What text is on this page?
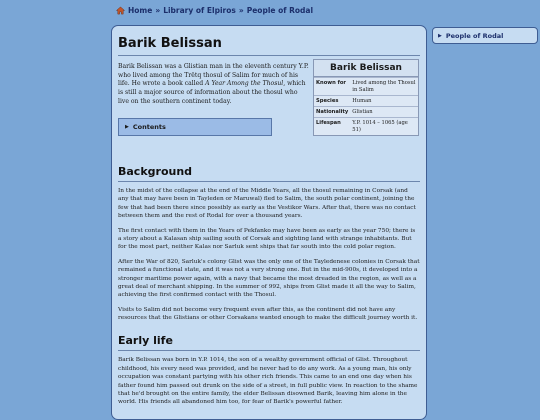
Home » Library of Elpiros » People of Rodal
▶ People of Rodal
Barik Belissan

Barik Belissan was a Glistian man in the eleventh century Y.P. who lived among the Trëtq thosul of Salim for much of his life. He wrote a book called A Year Among the Thosul, which is still a major source of information about the thosul who live on the southern continent today.

Barik Belissan
Known for	Lived among the Thosul in Salim
Species	Human
Nationality	Glistian
Lifespan	Y.P. 1014 – 1065 (age 51)
▶ Contents
Background

In the midst of the collapse at the end of the Middle Years, all the thosul remaining in Corsak (and any that may have been in Tayleden or Maruwal) fled to Salim, the south polar continent, joining the few that had been there since possibly as early as the Vestikor Wars. After that, there was no contact between them and the rest of Rodal for over a thousand years.

The first contact with them in the Years of Pekfanko may have been as early as the year 750; there is a story about a Kalasan ship sailing south of Corsak and sighting land with strange inhabitants. But for the most part, neither Kalas nor Sarluk sent ships that far south into the cold polar region.

After the War of 820, Sarluk's colony Glist was the only one of the Tayledenese colonies in Corsak that remained a functional state, and it was not a very strong one. But in the mid-900s, it developed into a stronger maritime power again, with a navy that became the most dreaded in the region, as well as a great deal of merchant shipping. In the summer of 992, ships from Glist made it all the way to Salim, achieving the first confirmed contact with the Thosul.

Visits to Salim did not become very frequent even after this, as the continent did not have any resources that the Glistians or other Corsakans wanted enough to make the difficult journey worth it.

Early life

Barik Belissan was born in Y.P. 1014, the son of a wealthy government official of Glist. Throughout childhood, his every need was provided, and he never had to do any work. As a young man, his only occupation was constant partying with his other rich friends. This came to an end one day when his father found him passed out drunk on the side of a street, in full public view. In reaction to the shame that he'd brought on the entire family, the elder Belissan disowned Barik, leaving him alone in the world. His friends all abandoned him too, for fear of Barik's powerful father.
